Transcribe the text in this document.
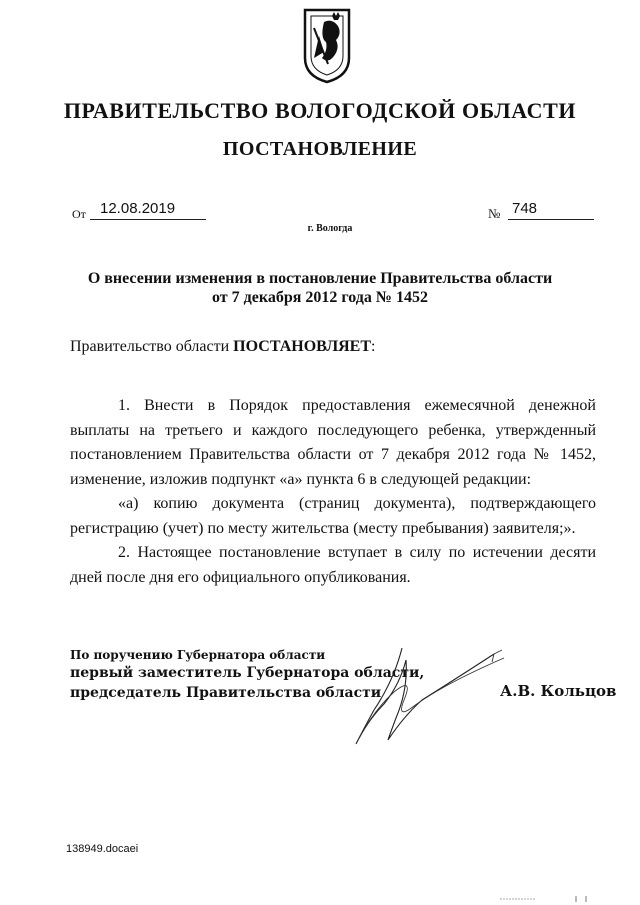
ПРАВИТЕЛЬСТВО ВОЛОГОДСКОЙ ОБЛАСТИ
ПОСТАНОВЛЕНИЕ
От 12.08.2019	№ 748
г. Вологда
О внесении изменения в постановление Правительства области
от 7 декабря 2012 года № 1452
Правительство области ПОСТАНОВЛЯЕТ:

1. Внести в Порядок предоставления ежемесячной денежной выплаты на третьего и каждого последующего ребенка, утвержденный постановлением Правительства области от 7 декабря 2012 года № 1452, изменение, изложив подпункт «а» пункта 6 в следующей редакции:

«а) копию документа (страниц документа), подтверждающего регистрацию (учет) по месту жительства (месту пребывания) заявителя;».

2. Настоящее постановление вступает в силу по истечении десяти дней после дня его официального опубликования.

По поручению Губернатора области
первый заместитель Губернатора области,
председатель Правительства области	А.В. Кольцов
138949.docaei
